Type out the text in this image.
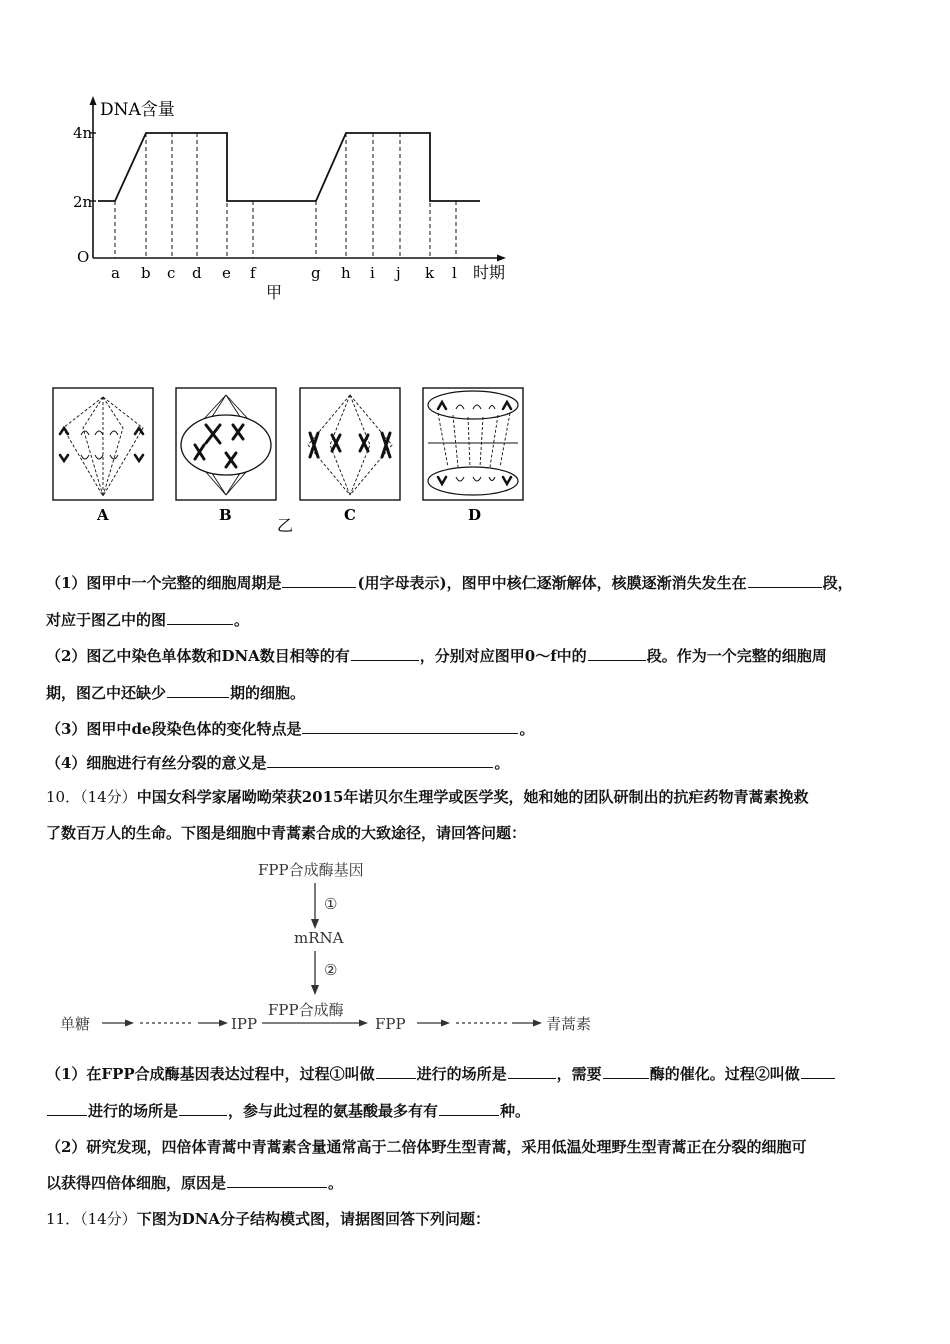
DNA含量
4n
2n
O
a b c d e f	g h i j k l 时期
甲
A	B	C	D
乙
（1）图甲中一个完整的细胞周期是	(用字母表示)，图甲中核仁逐渐解体，核膜逐渐消失发生在	段，
对应于图乙中的图	。
（2）图乙中染色单体数和DNA数目相等的有	，分别对应图甲0～f中的	段。作为一个完整的细胞周
期，图乙中还缺少	期的细胞。
（3）图甲中de段染色体的变化特点是	。
（4）细胞进行有丝分裂的意义是	。
10．（14分）中国女科学家屠呦呦荣获2015年诺贝尔生理学或医学奖，她和她的团队研制出的抗疟药物青蒿素挽救
了数百万人的生命。下图是细胞中青蒿素合成的大致途径，请回答问题：
FPP合成酶基因
①
mRNA
②
FPP合成酶
单糖	IPP	FPP	青蒿素
（1）在FPP合成酶基因表达过程中，过程①叫做	进行的场所是	，需要	酶的催化。过程②叫做
进行的场所是	，参与此过程的氨基酸最多有有	种。
（2）研究发现，四倍体青蒿中青蒿素含量通常高于二倍体野生型青蒿，采用低温处理野生型青蒿正在分裂的细胞可
以获得四倍体细胞，原因是	。
11．（14分）下图为DNA分子结构模式图，请据图回答下列问题：
